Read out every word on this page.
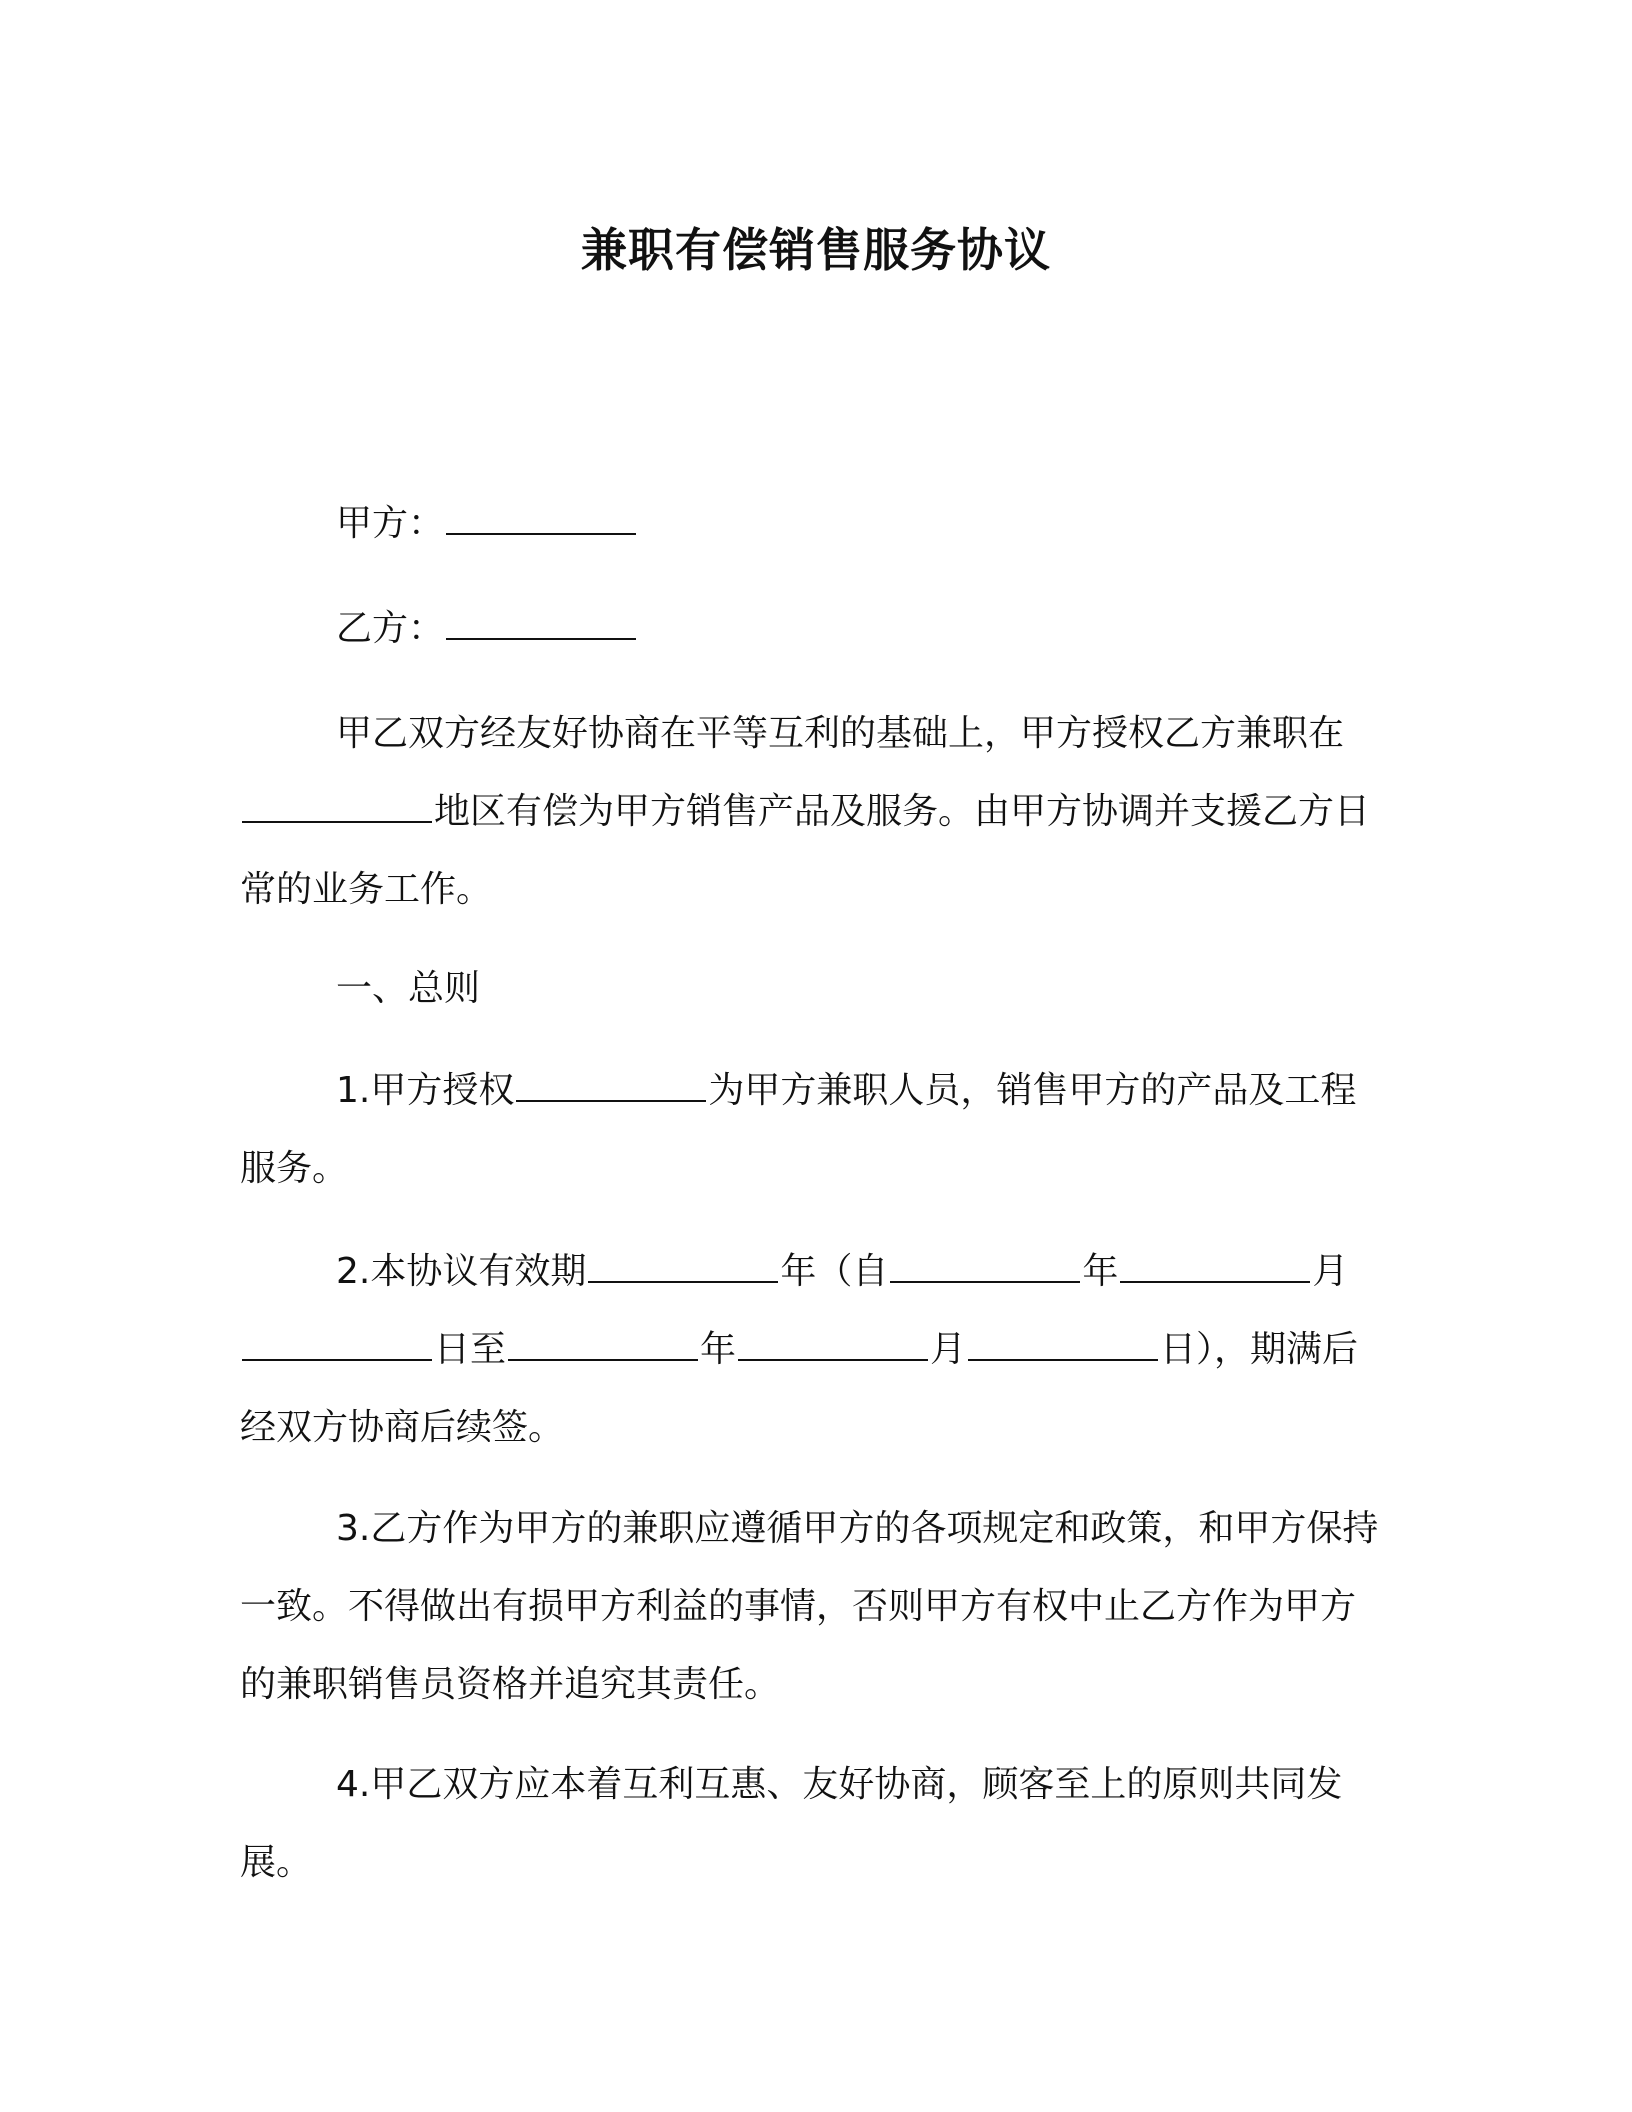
兼职有偿销售服务协议
甲方：
乙方：
甲乙双方经友好协商在平等互利的基础上，甲方授权乙方兼职在地区有偿为甲方销售产品及服务。由甲方协调并支援乙方日常的业务工作。
一、总则
1.甲方授权	为甲方兼职人员，销售甲方的产品及工程服务。
2.本协议有效期	年（自	年	月日至	年	月	日），期满后经双方协商后续签。
3.乙方作为甲方的兼职应遵循甲方的各项规定和政策，和甲方保持一致。不得做出有损甲方利益的事情，否则甲方有权中止乙方作为甲方的兼职销售员资格并追究其责任。
4.甲乙双方应本着互利互惠、友好协商，顾客至上的原则共同发展。
